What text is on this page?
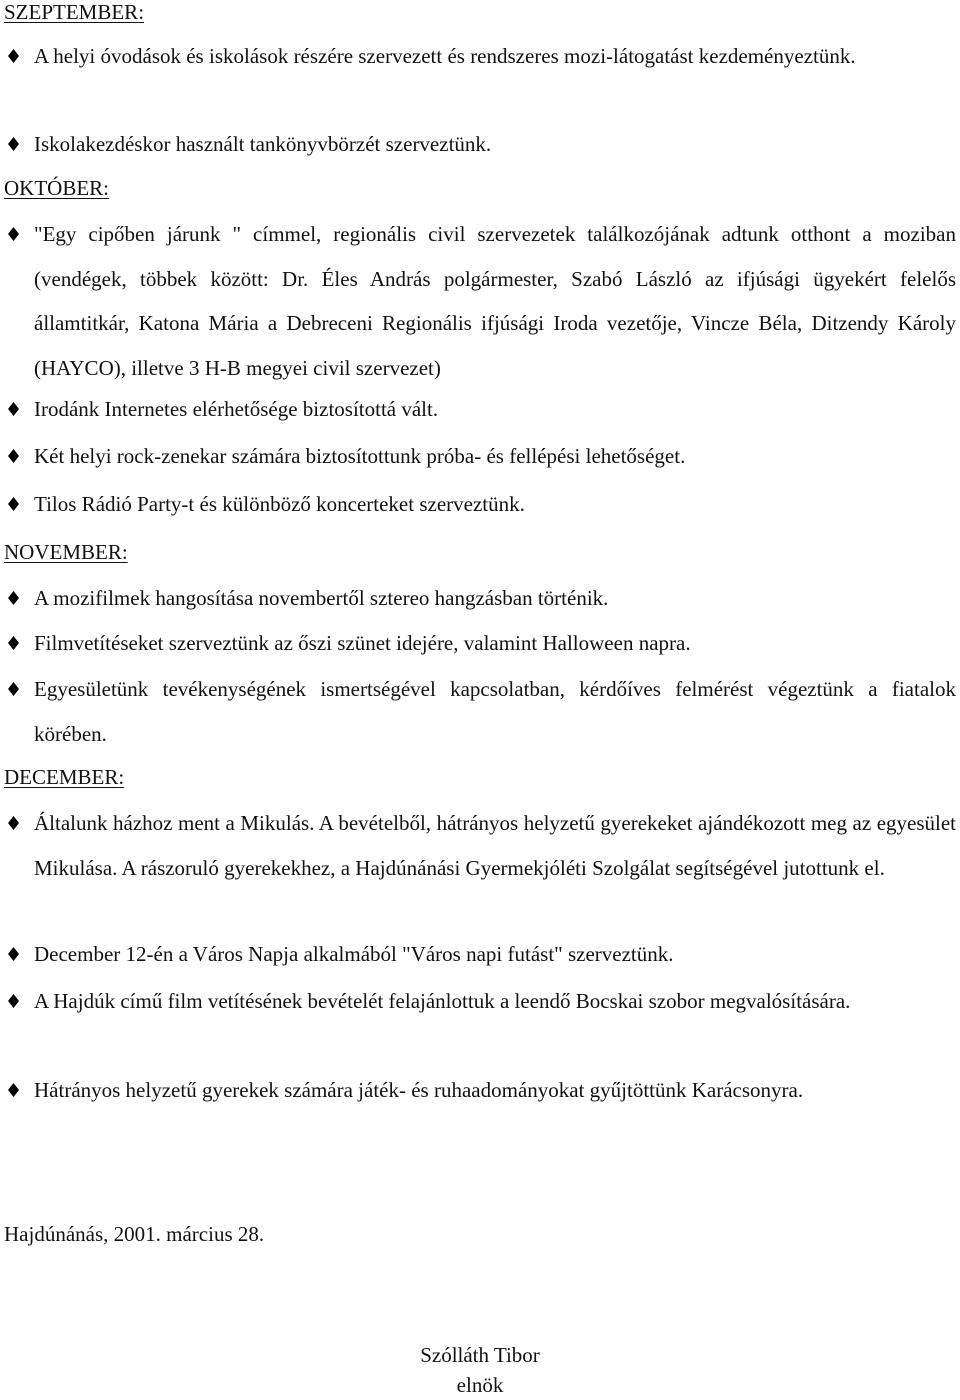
SZEPTEMBER:
A helyi óvodások és iskolások részére szervezett és rendszeres mozi-látogatást kezdeményeztünk.
Iskolakezdéskor használt tankönyvbörzét szerveztünk.
OKTÓBER:
"Egy cipőben járunk " címmel, regionális civil szervezetek találkozójának adtunk otthont a moziban (vendégek, többek között: Dr. Éles András polgármester, Szabó László az ifjúsági ügyekért felelős államtitkár, Katona Mária a Debreceni Regionális ifjúsági Iroda vezetője, Vincze Béla, Ditzendy Károly (HAYCO), illetve 3 H-B megyei civil szervezet)
Irodánk Internetes elérhetősége biztosítottá vált.
Két helyi rock-zenekar számára biztosítottunk próba- és fellépési lehetőséget.
Tilos Rádió Party-t és különböző koncerteket szerveztünk.
NOVEMBER:
A mozifilmek hangosítása novembertől sztereo hangzásban történik.
Filmvetítéseket szerveztünk az őszi szünet idejére, valamint Halloween napra.
Egyesületünk tevékenységének ismertségével kapcsolatban, kérdőíves felmérést végeztünk a fiatalok körében.
DECEMBER:
Általunk házhoz ment a Mikulás. A bevételből, hátrányos helyzetű gyerekeket ajándékozott meg az egyesület Mikulása. A rászoruló gyerekekhez, a Hajdúnánási Gyermekjóléti Szolgálat segítségével jutottunk el.
December 12-én a Város Napja alkalmából "Város napi futást" szerveztünk.
A Hajdúk című film vetítésének bevételét felajánlottuk a leendő Bocskai szobor megvalósítására.
Hátrányos helyzetű gyerekek számára játék- és ruhaadományokat gyűjtöttünk Karácsonyra.
Hajdúnánás, 2001. március 28.
Szólláth Tibor
elnök
